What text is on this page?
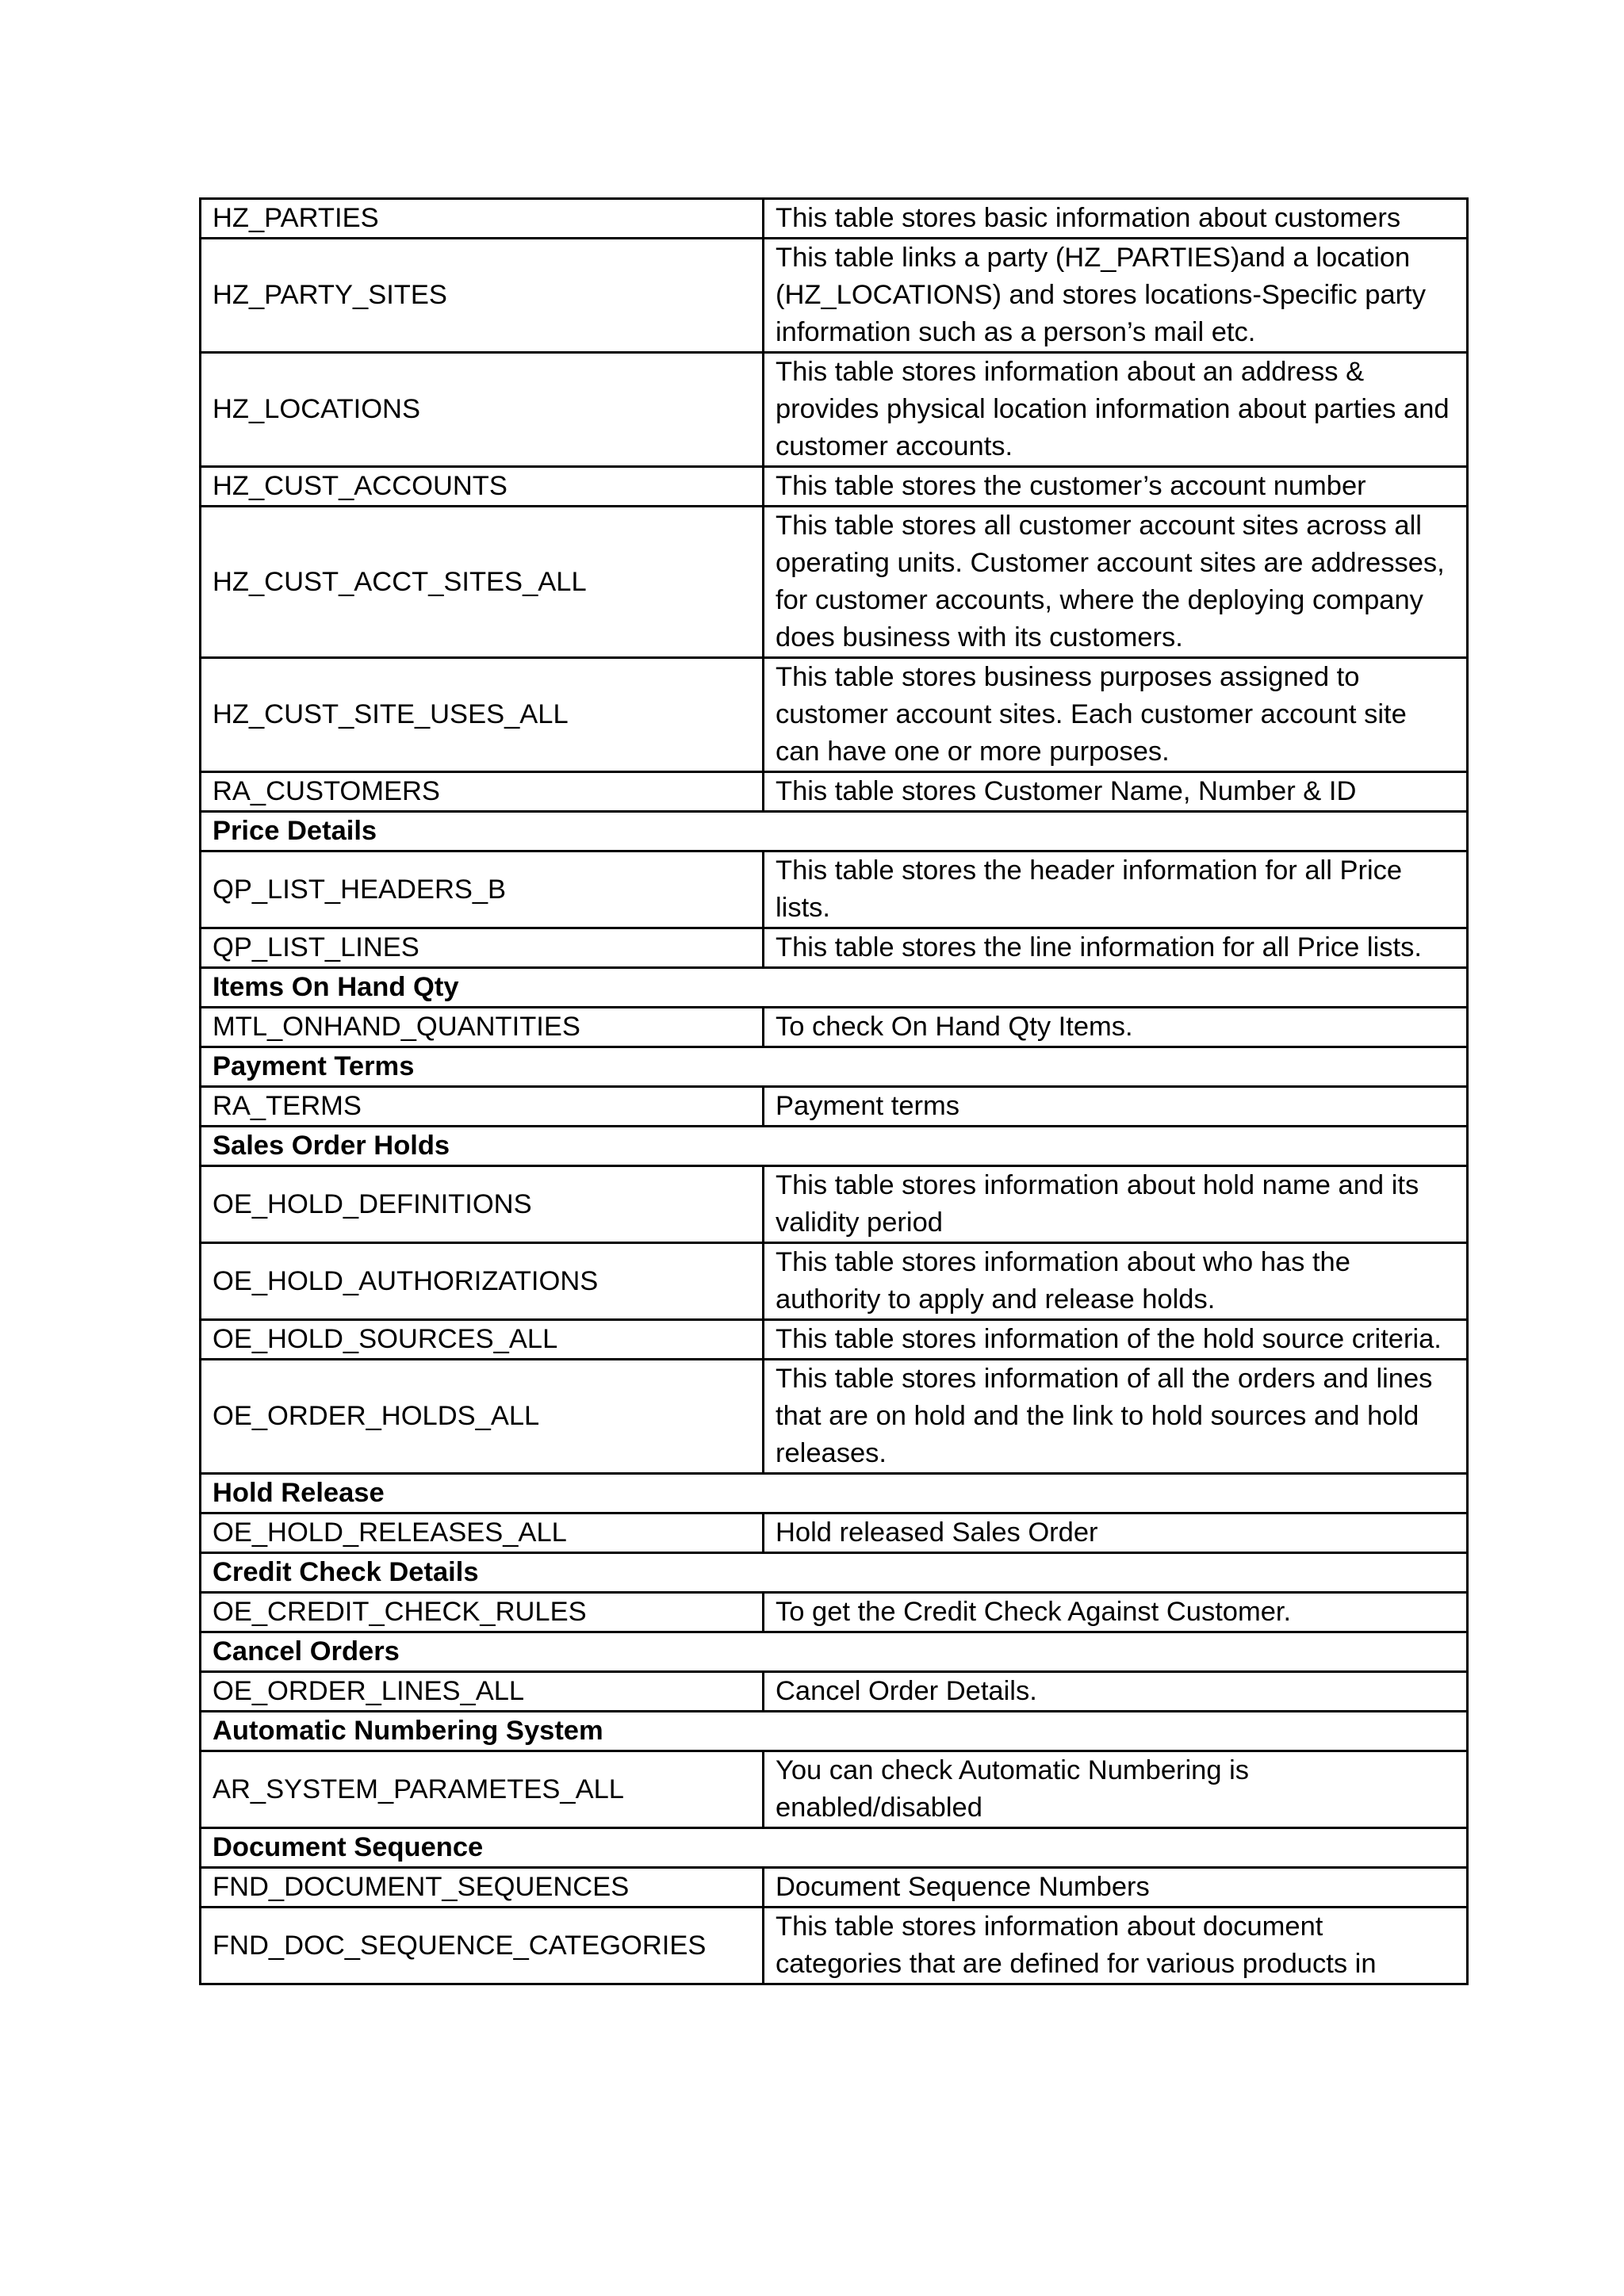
HZ_PARTIES	This table stores basic information about customers
HZ_PARTY_SITES	This table links a party (HZ_PARTIES)and a location (HZ_LOCATIONS) and stores locations-Specific party information such as a person’s mail etc.
HZ_LOCATIONS	This table stores information about an address & provides physical location information about parties and customer accounts.
HZ_CUST_ACCOUNTS	This table stores the customer’s account number
HZ_CUST_ACCT_SITES_ALL	This table stores all customer account sites across all operating units. Customer account sites are addresses, for customer accounts, where the deploying company does business with its customers.
HZ_CUST_SITE_USES_ALL	This table stores business purposes assigned to customer account sites. Each customer account site can have one or more purposes.
RA_CUSTOMERS	This table stores Customer Name, Number & ID
Price Details	
QP_LIST_HEADERS_B	This table stores the header information for all Price lists.
QP_LIST_LINES	This table stores the line information for all Price lists.
Items On Hand Qty	
MTL_ONHAND_QUANTITIES	To check On Hand Qty Items.
Payment Terms	
RA_TERMS	Payment terms
Sales Order Holds	
OE_HOLD_DEFINITIONS	This table stores information about hold name and its validity period
OE_HOLD_AUTHORIZATIONS	This table stores information about who has the authority to apply and release holds.
OE_HOLD_SOURCES_ALL	This table stores information of the hold source criteria.
OE_ORDER_HOLDS_ALL	This table stores information of all the orders and lines that are on hold and the link to hold sources and hold releases.
Hold Release	
OE_HOLD_RELEASES_ALL	Hold released Sales Order
Credit Check Details	
OE_CREDIT_CHECK_RULES	To get the Credit Check Against Customer.
Cancel Orders	
OE_ORDER_LINES_ALL	Cancel Order Details.
Automatic Numbering System	
AR_SYSTEM_PARAMETES_ALL	You can check Automatic Numbering is enabled/disabled
Document Sequence	
FND_DOCUMENT_SEQUENCES	Document Sequence Numbers
FND_DOC_SEQUENCE_CATEGORIES	This table stores information about document categories that are defined for various products in
